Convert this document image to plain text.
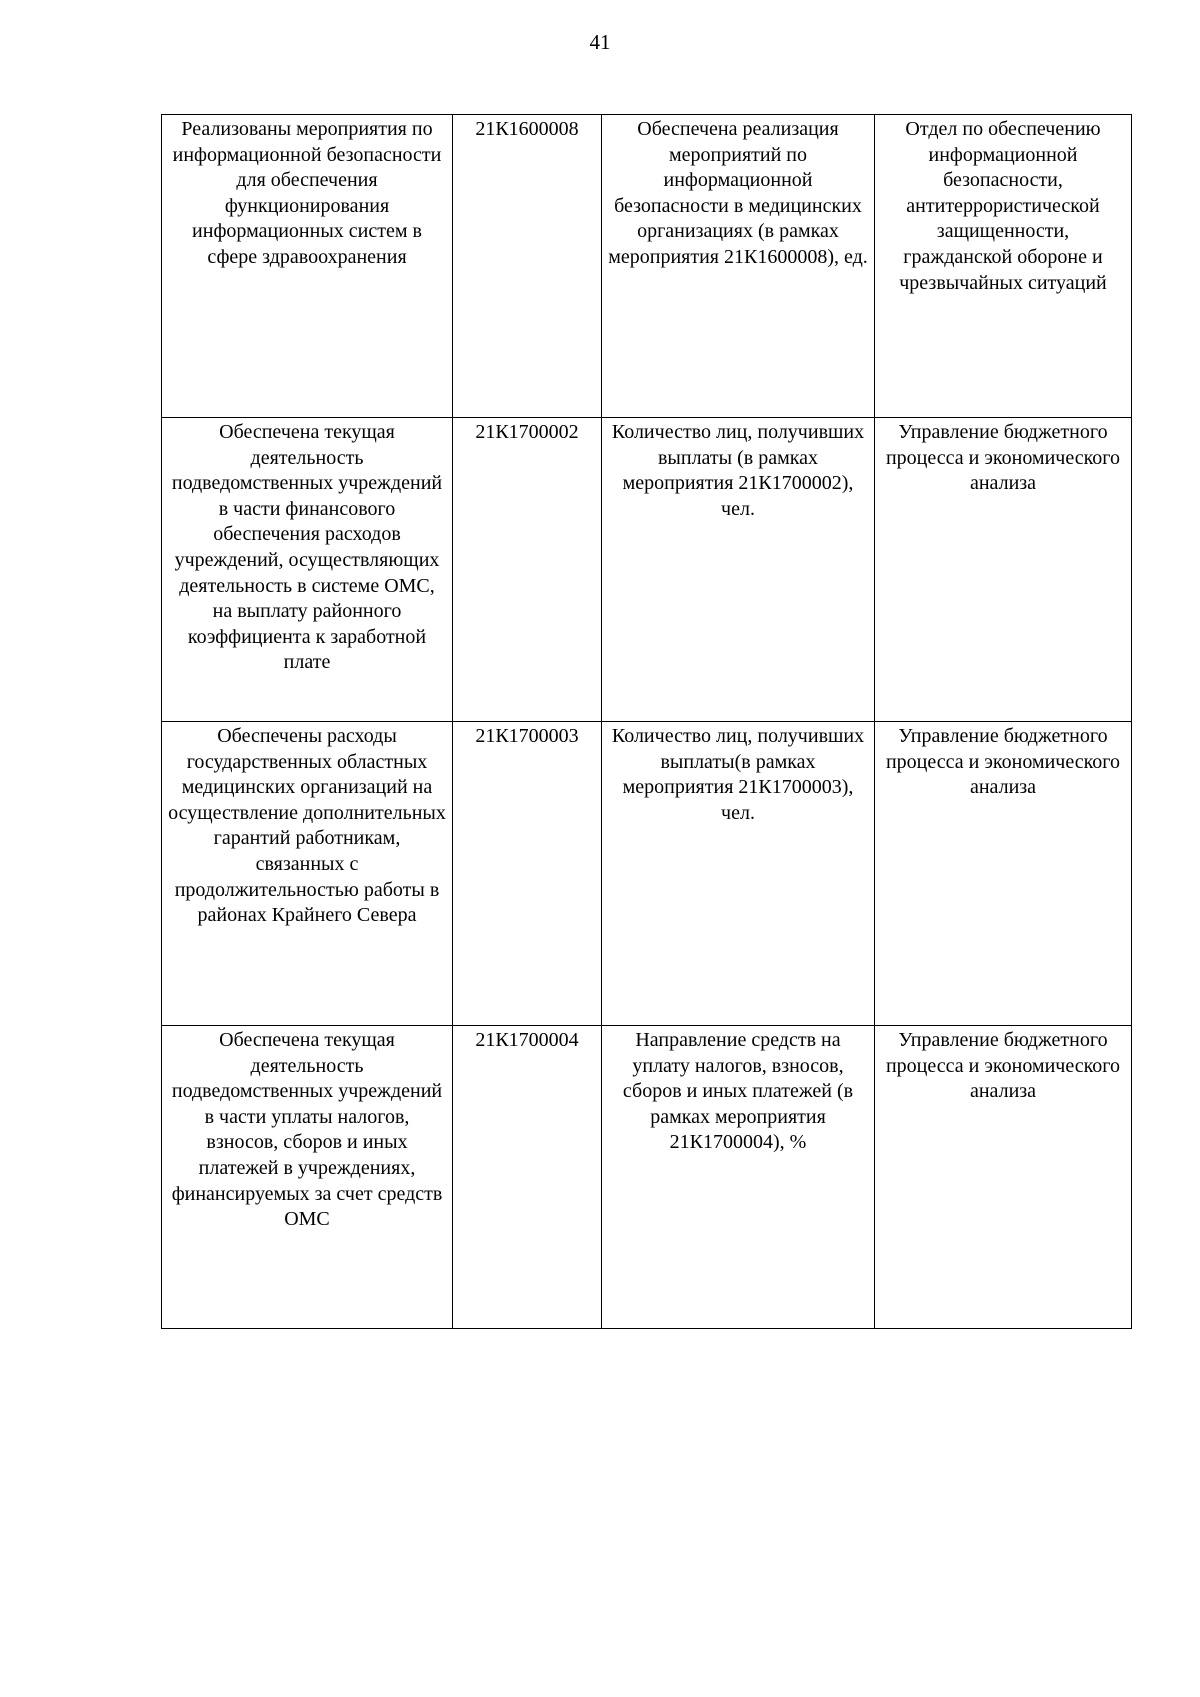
41
Реализованы мероприятия по информационной безопасности для обеспечения функционирования информационных систем в сфере здравоохранения	21К1600008	Обеспечена реализация мероприятий по информационной безопасности в медицинских организациях (в рамках мероприятия 21К1600008), ед.	Отдел по обеспечению информационной безопасности, антитеррористической защищенности, гражданской обороне и чрезвычайных ситуаций
Обеспечена текущая деятельность подведомственных учреждений в части финансового обеспечения расходов учреждений, осуществляющих деятельность в системе ОМС, на выплату районного коэффициента к заработной плате	21К1700002	Количество лиц, получивших выплаты (в рамках мероприятия 21К1700002), чел.	Управление бюджетного процесса и экономического анализа
Обеспечены расходы государственных областных медицинских организаций на осуществление дополнительных гарантий работникам, связанных с продолжительностью работы в районах Крайнего Севера	21К1700003	Количество лиц, получивших выплаты(в рамках мероприятия 21К1700003), чел.	Управление бюджетного процесса и экономического анализа
Обеспечена текущая деятельность подведомственных учреждений в части уплаты налогов, взносов, сборов и иных платежей в учреждениях, финансируемых за счет средств ОМС	21К1700004	Направление средств на уплату налогов, взносов, сборов и иных платежей (в рамках мероприятия 21К1700004), %	Управление бюджетного процесса и экономического анализа
